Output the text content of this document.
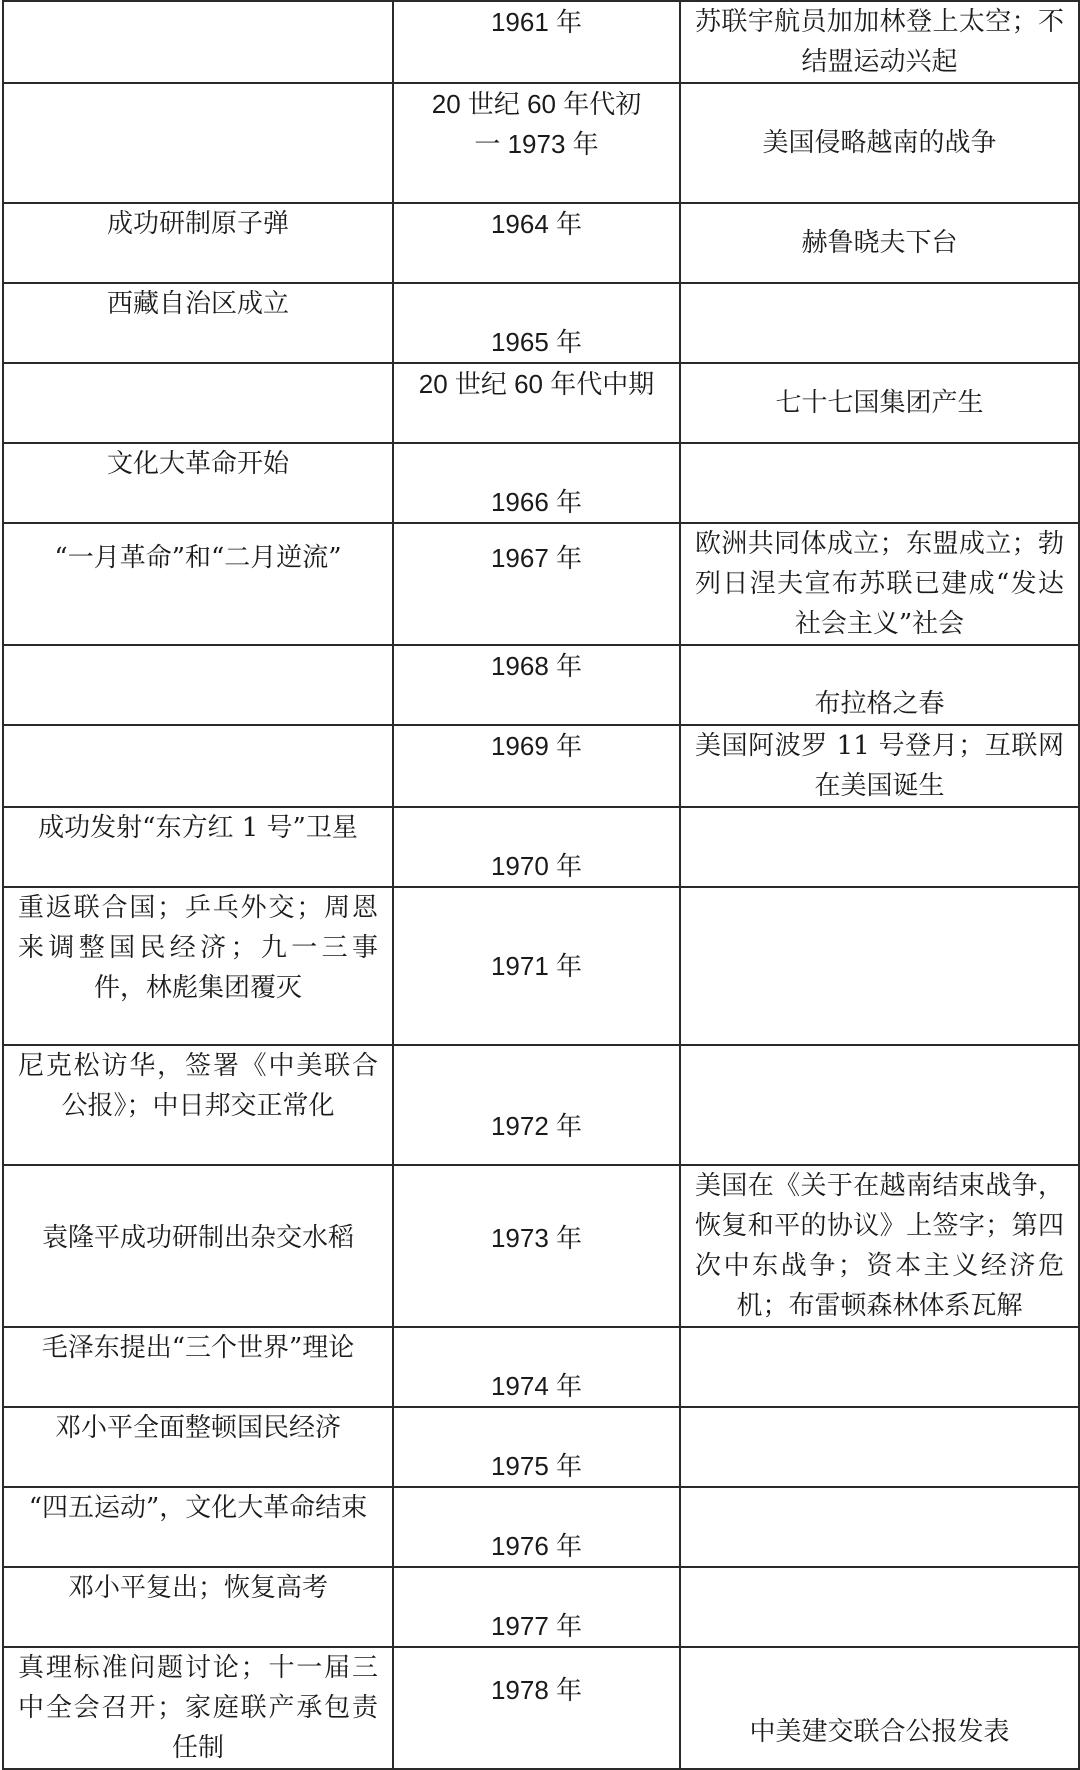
	1961 年	苏联宇航员加加林登上太空；不结盟运动兴起

	20 世纪 60 年代初一 1973 年	美国侵略越南的战争
成功研制原子弹	1964 年	赫鲁晓夫下台
西藏自治区成立	1965 年	
	20 世纪 60 年代中期	七十七国集团产生
文化大革命开始	1966 年	
“一月革命”和“二月逆流”	1967 年	欧洲共同体成立；东盟成立；勃列日涅夫宣布苏联已建成“发达社会主义”社会

	1968 年	布拉格之春
	1969 年	美国阿波罗 11 号登月；互联网在美国诞生

成功发射“东方红 1 号”卫星	1970 年	

重返联合国；乒乓外交；周恩来调整国民经济；九一三事件，林彪集团覆灭	1971 年	

尼克松访华，签署《中美联合公报》；中日邦交正常化	1972 年	
袁隆平成功研制出杂交水稻	1973 年	美国在《关于在越南结束战争，恢复和平的协议》上签字；第四次中东战争；资本主义经济危机；布雷顿森林体系瓦解

毛泽东提出“三个世界”理论	1974 年	
邓小平全面整顿国民经济	1975 年	
“四五运动”，文化大革命结束	1976 年	
邓小平复出；恢复高考	1977 年	

真理标准问题讨论；十一届三中全会召开；家庭联产承包责任制	1978 年	中美建交联合公报发表
